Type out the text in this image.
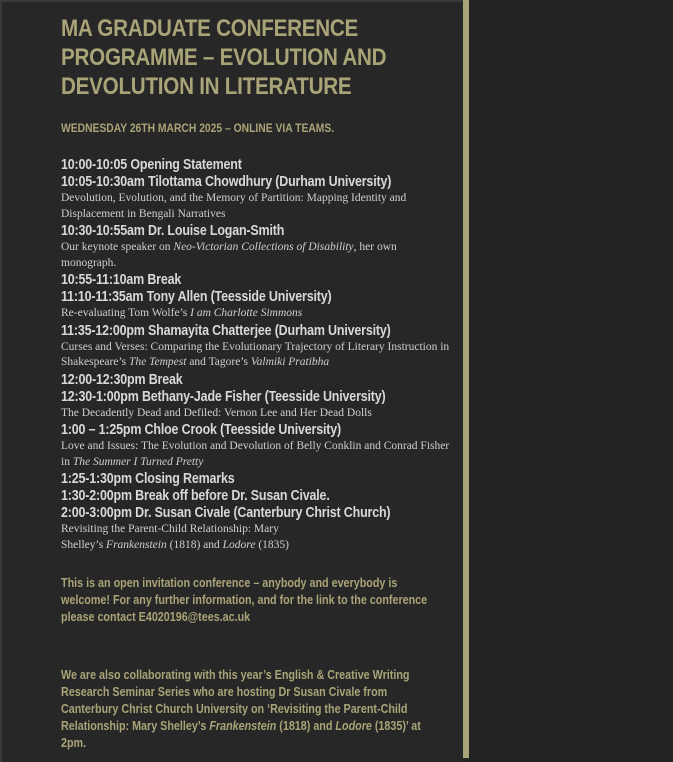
MA GRADUATE CONFERENCE PROGRAMME – EVOLUTION AND DEVOLUTION IN LITERATURE
WEDNESDAY 26TH MARCH 2025 – ONLINE VIA TEAMS.
10:00-10:05 Opening Statement
10:05-10:30am Tilottama Chowdhury (Durham University)
Devolution, Evolution, and the Memory of Partition: Mapping Identity and Displacement in Bengali Narratives
10:30-10:55am Dr. Louise Logan-Smith
Our keynote speaker on Neo-Victorian Collections of Disability, her own monograph.
10:55-11:10am Break
11:10-11:35am Tony Allen (Teesside University)
Re-evaluating Tom Wolfe’s I am Charlotte Simmons
11:35-12:00pm Shamayita Chatterjee (Durham University)
Curses and Verses: Comparing the Evolutionary Trajectory of Literary Instruction in Shakespeare’s The Tempest and Tagore’s Valmiki Pratibha
12:00-12:30pm Break
12:30-1:00pm Bethany-Jade Fisher (Teesside University)
The Decadently Dead and Defiled: Vernon Lee and Her Dead Dolls
1:00 – 1:25pm Chloe Crook (Teesside University)
Love and Issues: The Evolution and Devolution of Belly Conklin and Conrad Fisher in The Summer I Turned Pretty
1:25-1:30pm Closing Remarks
1:30-2:00pm Break off before Dr. Susan Civale.
2:00-3:00pm Dr. Susan Civale (Canterbury Christ Church)
Revisiting the Parent-Child Relationship: Mary
Shelley’s Frankenstein (1818) and Lodore (1835)
This is an open invitation conference – anybody and everybody is welcome! For any further information, and for the link to the conference please contact E4020196@tees.ac.uk
We are also collaborating with this year’s English & Creative Writing Research Seminar Series who are hosting Dr Susan Civale from Canterbury Christ Church University on ‘Revisiting the Parent-Child Relationship: Mary Shelley’s Frankenstein (1818) and Lodore (1835)’ at 2pm.
